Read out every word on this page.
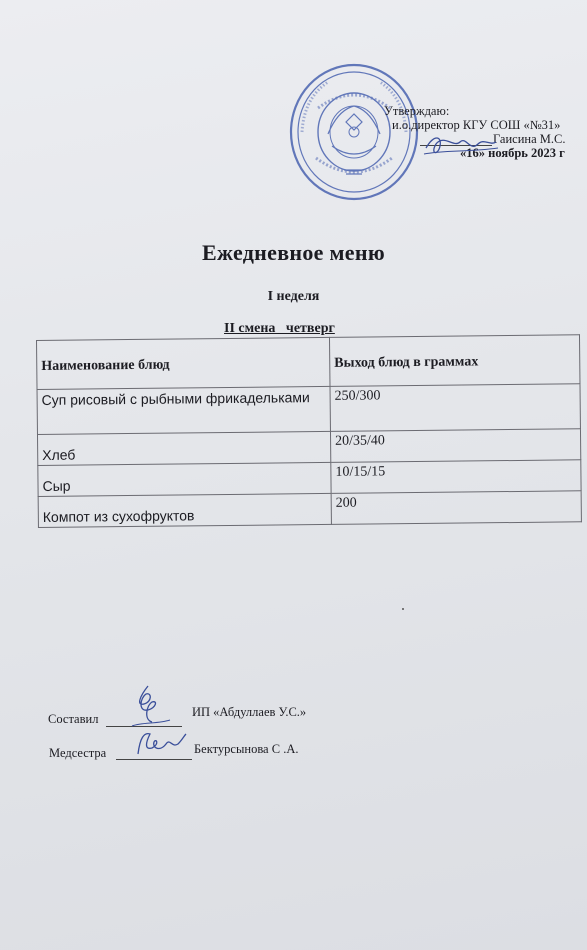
Утверждаю:
и.о.директор КГУ СОШ «№31»
Гаисина М.С.
«16» ноябрь 2023 г
Ежедневное меню
I неделя
II смена   четверг
Наименование блюд	Выход блюд в граммах
Суп рисовый с рыбными фрикадельками	250/300
Хлеб	20/35/40
Сыр	10/15/15
Компот из сухофруктов	200
Составил	ИП «Абдуллаев У.С.»
Медсестра	Бектурсынова С .А.
